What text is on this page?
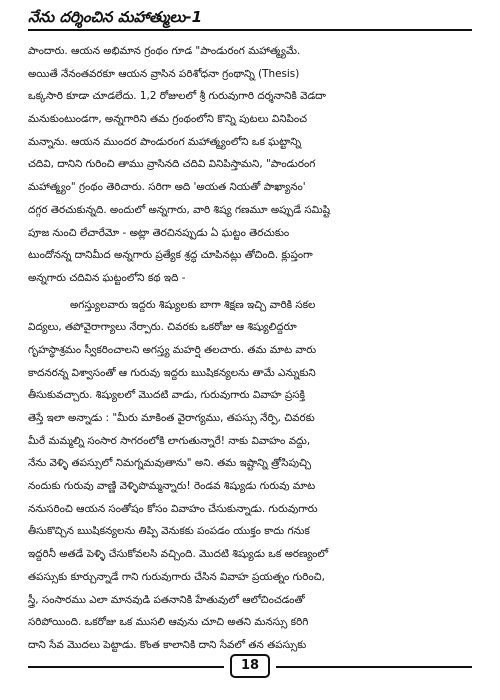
నేను దర్శించిన మహాత్ములు-1
పాందారు. ఆయన అభిమాన గ్రంథం గూడ "పాండురంగ మహాత్మ్యమే.
అయితే నేనంతవరకూ ఆయన వ్రాసిన పరిశోధనా గ్రంథాన్ని (Thesis)
ఒక్కసారి కూడా చూడలేదు. 1,2 రోజులలో శ్రీ గురువుగారి దర్శనానికి వెడదా
మనుకుంటుండగా, అన్నగారిని తమ గ్రంథంలోని కొన్ని పుటలు వినిపించ
మన్నాను. ఆయన ముందర పాండురంగ మహాత్మ్యంలోని ఒక ఘట్టాన్ని
చదివి, దానిని గురించి తాము వ్రాసినది చదివి వినిపిస్తామని, "పాండురంగ
మహాత్మ్యం" గ్రంథం తెరిచారు. సరిగా అది 'అయత నియతో పాఖ్యానం'
దగ్గర తెరచుకున్నది. అందులో అన్నగారు, వారి శిష్య గణమూ అప్పుడే సమిష్టి
పూజ నుంచి లేచారేమో - అట్లా తెరచినప్పుడు ఏ ఘట్టం తెరచుకుం
టుందోనన్న దానిమీద అన్నగారు ప్రత్యేక శ్రద్ధ చూపినట్లు తోచింది. క్లుప్తంగా
అన్నగారు చదివిన ఘట్టంలోని కథ ఇది -
అగస్త్యులవారు ఇద్దరు శిష్యులకు బాగా శిక్షణ ఇచ్చి వారికి సకల
విద్యలు, తపోవైరాగ్యాలు నేర్పారు. చివరకు ఒకరోజు ఆ శిష్యులిద్దరూ
గృహస్థాశ్రమం స్వీకరించాలని అగస్త్య మహర్షి తలచారు. తమ మాట వారు
కాదనరన్న విశ్వాసంతో ఆ గురువు ఇద్దరు ఋషికన్యలను తామే ఎన్నుకుని
తీసుకువచ్చారు. శిష్యులలో మొదటి వాడు, గురువుగారు వివాహ ప్రసక్తి
తెస్తే ఇలా అన్నాడు : "మీరు మాకింత వైరాగ్యము, తపస్సు నేర్పి, చివరకు
మీరే మమ్మల్ని సంసార సాగరంలోకి లాగుతున్నారే! నాకు వివాహం వద్దు,
నేను వెళ్ళి తపస్సులో నిమగ్నమవుతాను" అని. తమ ఇష్టాన్ని త్రోసిపుచ్చి
నందుకు గురువు వాణ్ణి వెళ్ళిపొమ్మన్నారు! రెండవ శిష్యుడు గురువు మాట
ననుసరించి ఆయన సంతోషం కోసం వివాహం చేసుకున్నాడు. గురువుగారు
తీసుకొచ్చిన ఋషికన్యలను తిప్పి వెనుకకు పంపడం యుక్తం కాదు గనుక
ఇద్దరినీ అతడే పెళ్ళి చేసుకోవలసి వచ్చింది. మొదటి శిష్యుడు ఒక అరణ్యంలో
తపస్సుకు కూర్చున్నాడే గాని గురువుగారు చేసిన వివాహ ప్రయత్నం గురించి,
స్త్రీ, సంసారము ఎలా మానవుడి పతనానికి హేతువులో ఆలోచించడంతో
సరిపోయింది. ఒకరోజు ఒక ముసలి ఆవును చూచి అతని మనస్సు కరిగి
దాని సేవ మొదలు పెట్టాడు. కొంత కాలానికి దాని సేవలో తన తపస్సుకు
18
